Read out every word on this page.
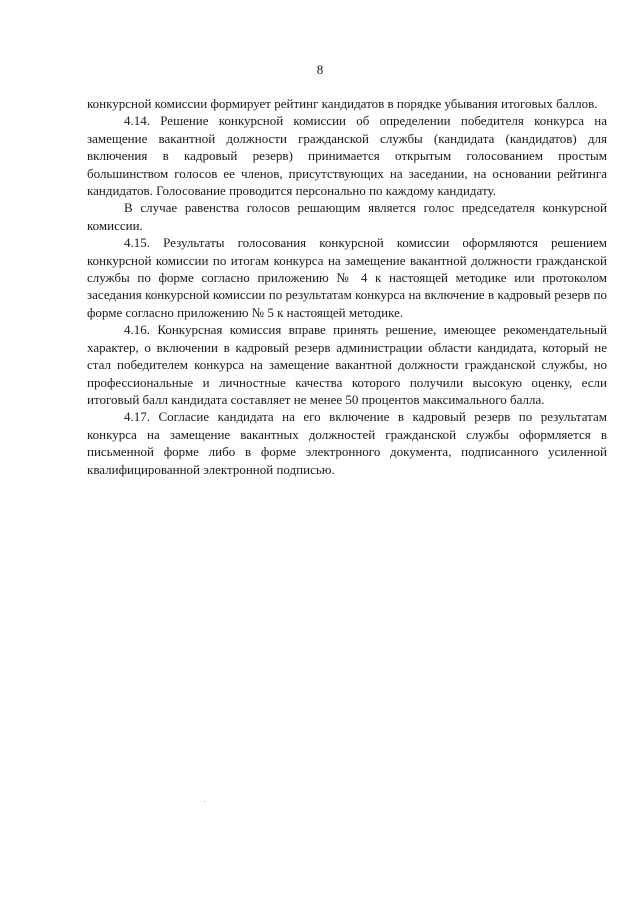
8

конкурсной комиссии формирует рейтинг кандидатов в порядке убывания итоговых баллов.

4.14. Решение конкурсной комиссии об определении победителя конкурса на замещение вакантной должности гражданской службы (кандидата (кандидатов) для включения в кадровый резерв) принимается открытым голосованием простым большинством голосов ее членов, присутствующих на заседании, на основании рейтинга кандидатов. Голосование проводится персонально по каждому кандидату.

В случае равенства голосов решающим является голос председателя конкурсной комиссии.

4.15. Результаты голосования конкурсной комиссии оформляются решением конкурсной комиссии по итогам конкурса на замещение вакантной должности гражданской службы по форме согласно приложению № 4 к настоящей методике или протоколом заседания конкурсной комиссии по результатам конкурса на включение в кадровый резерв по форме согласно приложению № 5 к настоящей методике.

4.16. Конкурсная комиссия вправе принять решение, имеющее рекомендательный характер, о включении в кадровый резерв администрации области кандидата, который не стал победителем конкурса на замещение вакантной должности гражданской службы, но профессиональные и личностные качества которого получили высокую оценку, если итоговый балл кандидата составляет не менее 50 процентов максимального балла.

4.17. Согласие кандидата на его включение в кадровый резерв по результатам конкурса на замещение вакантных должностей гражданской службы оформляется в письменной форме либо в форме электронного документа, подписанного усиленной квалифицированной электронной подписью.
